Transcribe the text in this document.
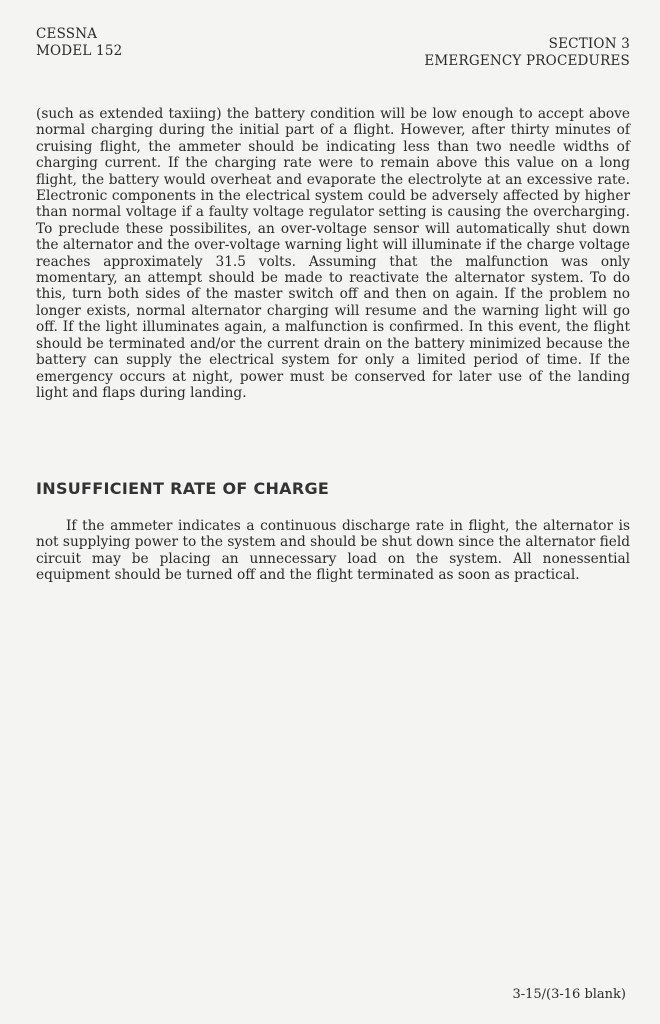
CESSNA
MODEL 152	SECTION 3
EMERGENCY PROCEDURES

(such as extended taxiing) the battery condition will be low enough to accept above normal charging during the initial part of a flight. However, after thirty minutes of cruising flight, the ammeter should be indicating less than two needle widths of charging current. If the charging rate were to remain above this value on a long flight, the battery would overheat and evaporate the electrolyte at an excessive rate. Electronic components in the electrical system could be adversely affected by higher than normal voltage if a faulty voltage regulator setting is causing the overcharging. To preclude these possibilites, an over-voltage sensor will automatically shut down the alternator and the over-voltage warning light will illuminate if the charge voltage reaches approximately 31.5 volts. Assuming that the malfunction was only momentary, an attempt should be made to reactivate the alternator system. To do this, turn both sides of the master switch off and then on again. If the problem no longer exists, normal alternator charging will resume and the warning light will go off. If the light illuminates again, a malfunction is confirmed. In this event, the flight should be terminated and/or the current drain on the battery minimized because the battery can supply the electrical system for only a limited period of time. If the emergency occurs at night, power must be conserved for later use of the landing light and flaps during landing.

INSUFFICIENT RATE OF CHARGE

If the ammeter indicates a continuous discharge rate in flight, the alternator is not supplying power to the system and should be shut down since the alternator field circuit may be placing an unnecessary load on the system. All nonessential equipment should be turned off and the flight terminated as soon as practical.

3-15/(3-16 blank)
